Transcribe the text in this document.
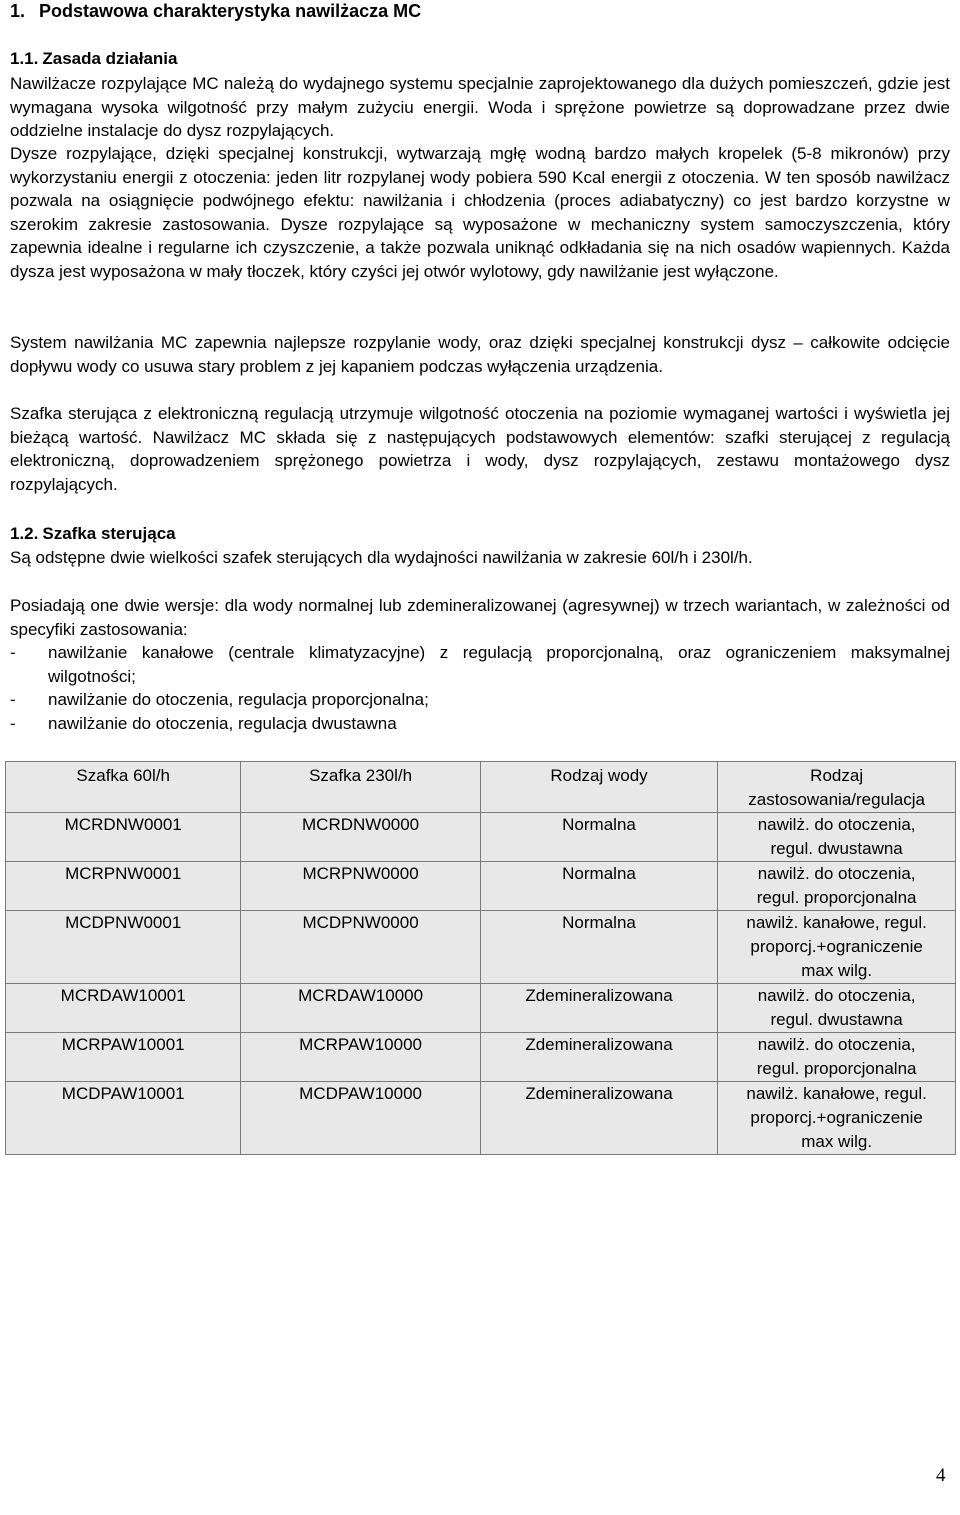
1. Podstawowa charakterystyka nawilżacza MC
1.1. Zasada działania

Nawilżacze rozpylające MC należą do wydajnego systemu specjalnie zaprojektowanego dla dużych pomieszczeń, gdzie jest wymagana wysoka wilgotność przy małym zużyciu energii. Woda i sprężone powietrze są doprowadzane przez dwie oddzielne instalacje do dysz rozpylających.

Dysze rozpylające, dzięki specjalnej konstrukcji, wytwarzają mgłę wodną bardzo małych kropelek (5-8 mikronów) przy wykorzystaniu energii z otoczenia: jeden litr rozpylanej wody pobiera 590 Kcal energii z otoczenia. W ten sposób nawilżacz pozwala na osiągnięcie podwójnego efektu: nawilżania i chłodzenia (proces adiabatyczny) co jest bardzo korzystne w szerokim zakresie zastosowania. Dysze rozpylające są wyposażone w mechaniczny system samoczyszczenia, który zapewnia idealne i regularne ich czyszczenie, a także pozwala uniknąć odkładania się na nich osadów wapiennych. Każda dysza jest wyposażona w mały tłoczek, który czyści jej otwór wylotowy, gdy nawilżanie jest wyłączone.

System nawilżania MC zapewnia najlepsze rozpylanie wody, oraz dzięki specjalnej konstrukcji dysz – całkowite odcięcie dopływu wody co usuwa stary problem z jej kapaniem podczas wyłączenia urządzenia.

Szafka sterująca z elektroniczną regulacją utrzymuje wilgotność otoczenia na poziomie wymaganej wartości i wyświetla jej bieżącą wartość. Nawilżacz MC składa się z następujących podstawowych elementów: szafki sterującej z regulacją elektroniczną, doprowadzeniem sprężonego powietrza i wody, dysz rozpylających, zestawu montażowego dysz rozpylających.

1.2. Szafka sterująca
Są odstępne dwie wielkości szafek sterujących dla wydajności nawilżania w zakresie 60l/h i 230l/h.

Posiadają one dwie wersje: dla wody normalnej lub zdemineralizowanej (agresywnej) w trzech wariantach, w zależności od specyfiki zastosowania:

- nawilżanie kanałowe (centrale klimatyzacyjne) z regulacją proporcjonalną, oraz ograniczeniem maksymalnej wilgotności;
- nawilżanie do otoczenia, regulacja proporcjonalna;
- nawilżanie do otoczenia, regulacja dwustawna
Szafka 60l/h	Szafka 230l/h	Rodzaj wody	Rodzaj zastosowania/regulacja
MCRDNW0001	MCRDNW0000	Normalna	nawilż. do otoczenia, regul. dwustawna
MCRPNW0001	MCRPNW0000	Normalna	nawilż. do otoczenia, regul. proporcjonalna
MCDPNW0001	MCDPNW0000	Normalna	nawilż. kanałowe, regul. proporcj.+ograniczenie max wilg.
MCRDAW10001	MCRDAW10000	Zdemineralizowana	nawilż. do otoczenia, regul. dwustawna
MCRPAW10001	MCRPAW10000	Zdemineralizowana	nawilż. do otoczenia, regul. proporcjonalna
MCDPAW10001	MCDPAW10000	Zdemineralizowana	nawilż. kanałowe, regul. proporcj.+ograniczenie max wilg.
4
